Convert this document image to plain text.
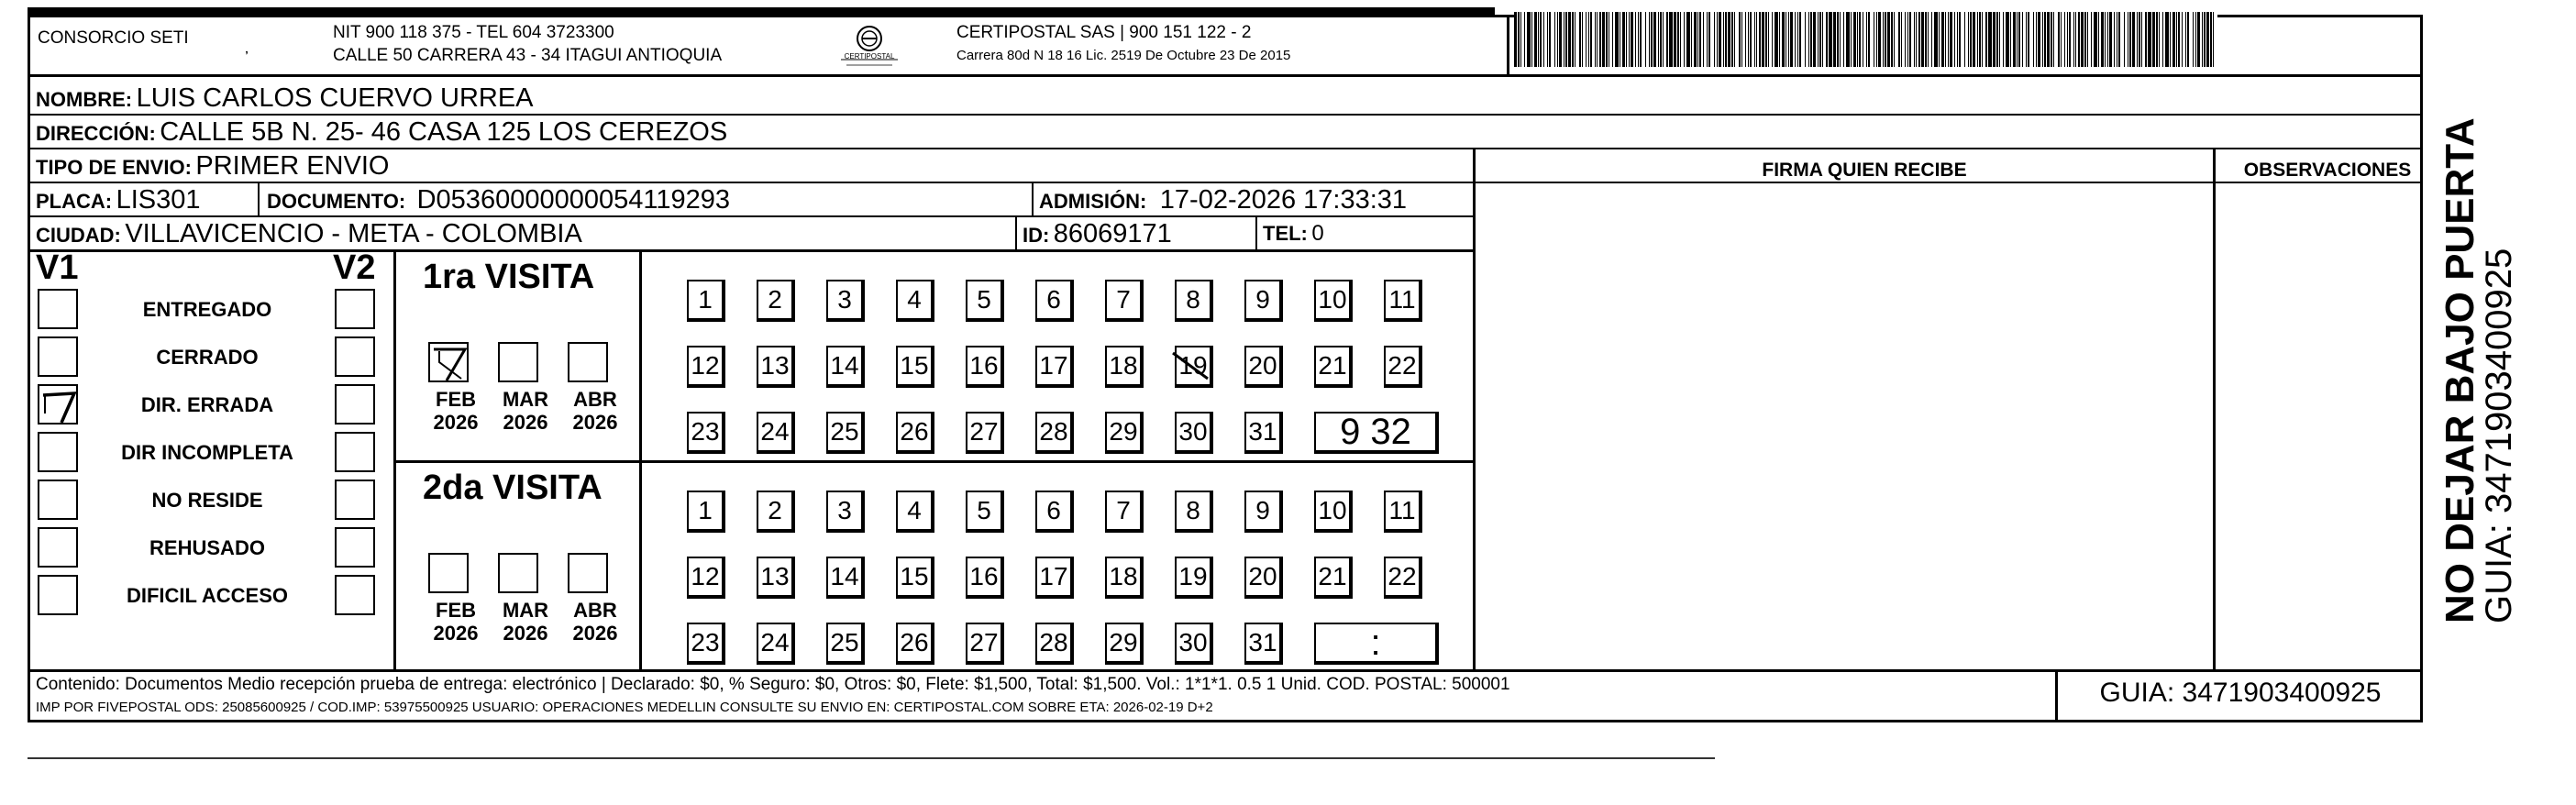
CONSORCIO SETI	NIT 900 118 375 - TEL 604 3723300
CALLE 50 CARRERA 43 - 34 ITAGUI ANTIOQUIA	CERTIPOSTAL
CERTIPOSTAL SAS | 900 151 122 - 2
Carrera 80d N 18 16 Lic. 2519 De Octubre 23 De 2015
NOMBRE: LUIS CARLOS CUERVO URREA
DIRECCIÓN: CALLE 5B N. 25- 46 CASA 125 LOS CEREZOS
TIPO DE ENVIO: PRIMER ENVIO	FIRMA QUIEN RECIBE	OBSERVACIONES
PLACA: LIS301	DOCUMENTO: D05360000000054119293	ADMISIÓN: 17-02-2026 17:33:31
CIUDAD: VILLAVICENCIO - META - COLOMBIA	ID: 86069171	TEL: 0
V1	V2
ENTREGADO
CERRADO
DIR. ERRADA
DIR INCOMPLETA
NO RESIDE
REHUSADO
DIFICIL ACCESO
1ra VISITA
2da VISITA
FEB
2026
MAR
2026
ABR
2026
FEB
2026
MAR
2026
ABR
2026
1	2	3	4	5	6	7	8	9	10 11
12 13 14 15 16 17 18 19 20 21 22
23 24 25 26 27 28 29 30 31	9 32
1	2	3	4	5	6	7	8	9	10 11
12 13 14 15 16 17 18 19 20 21 22
23 24 25 26 27 28 29 30 31	:
Contenido: Documentos Medio recepción prueba de entrega: electrónico | Declarado: $0, % Seguro: $0, Otros: $0, Flete: $1,500, Total: $1,500. Vol.: 1*1*1. 0.5 1 Unid. COD. POSTAL: 500001
IMP POR FIVEPOSTAL ODS: 25085600925 / COD.IMP: 53975500925 USUARIO: OPERACIONES MEDELLIN CONSULTE SU ENVIO EN: CERTIPOSTAL.COM SOBRE ETA: 2026-02-19 D+2	GUIA: 3471903400925
NO DEJAR BAJO PUERTA
GUIA: 3471903400925
